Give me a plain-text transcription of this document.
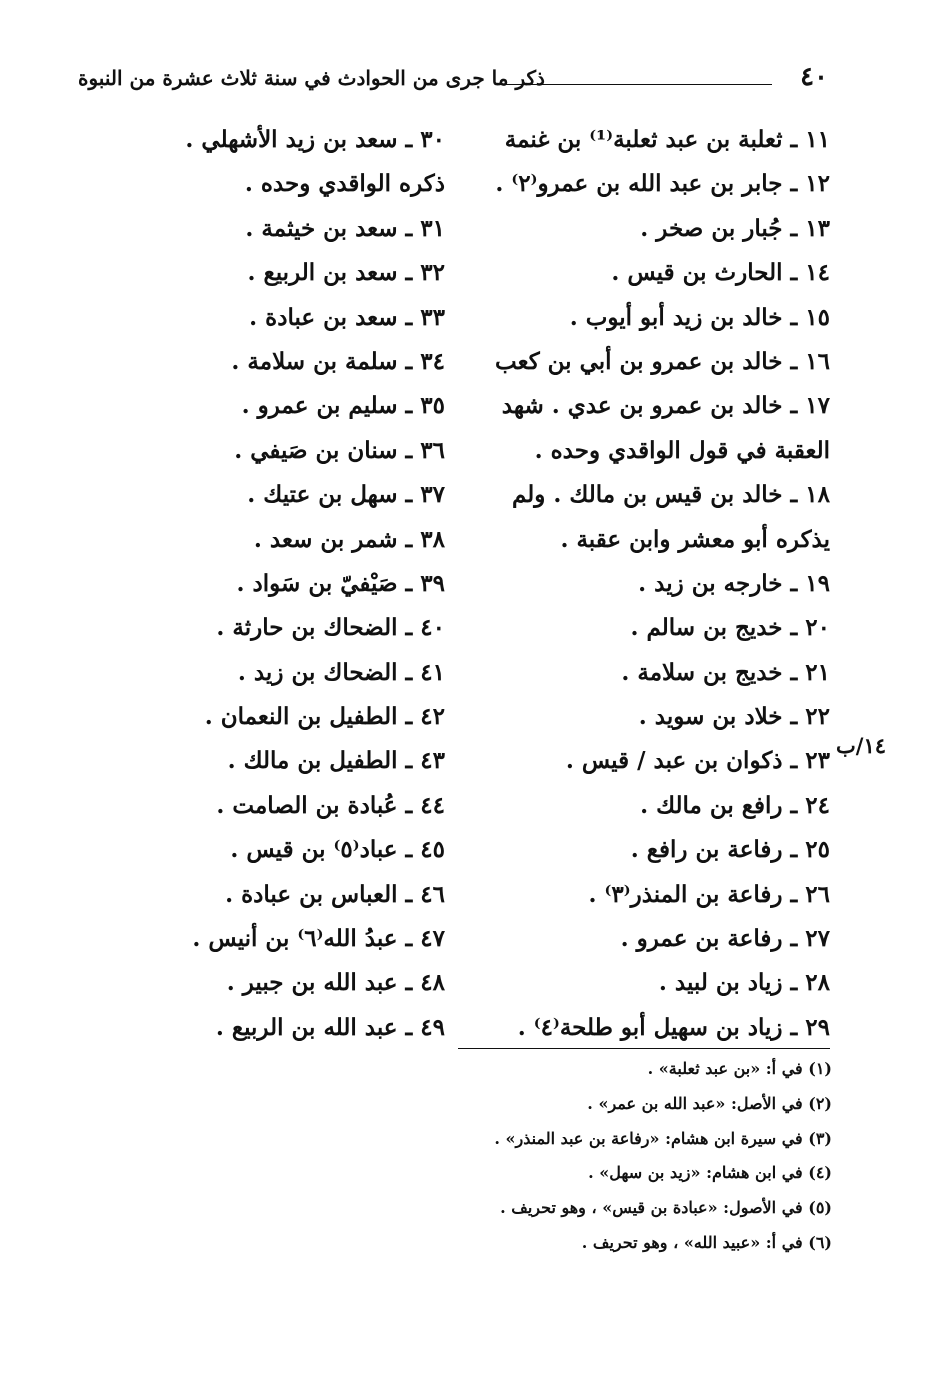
٤٠
ذكر ما جرى من الحوادث في سنة ثلاث عشرة من النبوة
١١ ـ ثعلبة بن عبد ثعلبة⁽¹⁾ بن غنمة
١٢ ـ جابر بن عبد الله بن عمرو⁽٢⁾ .
١٣ ـ جُبار بن صخر .
١٤ ـ الحارث بن قيس .
١٥ ـ خالد بن زيد أبو أيوب .
١٦ ـ خالد بن عمرو بن أبي بن كعب
١٧ ـ خالد بن عمرو بن عدي . شهد
العقبة في قول الواقدي وحده .
١٨ ـ خالد بن قيس بن مالك . ولم
يذكره أبو معشر وابن عقبة .
١٩ ـ خارجه بن زيد .
٢٠ ـ خديج بن سالم .
٢١ ـ خديج بن سلامة .
٢٢ ـ خلاد بن سويد .
٢٣ ـ ذكوان بن عبد / قيس .
٢٤ ـ رافع بن مالك .
٢٥ ـ رفاعة بن رافع .
٢٦ ـ رفاعة بن المنذر⁽٣⁾ .
٢٧ ـ رفاعة بن عمرو .
٢٨ ـ زياد بن لبيد .
٢٩ ـ زياد بن سهيل أبو طلحة⁽٤⁾ .
٣٠ ـ سعد بن زيد الأشهلي .
ذكره الواقدي وحده .
٣١ ـ سعد بن خيثمة .
٣٢ ـ سعد بن الربيع .
٣٣ ـ سعد بن عبادة .
٣٤ ـ سلمة بن سلامة .
٣٥ ـ سليم بن عمرو .
٣٦ ـ سنان بن صَيفي .
٣٧ ـ سهل بن عتيك .
٣٨ ـ شمر بن سعد .
٣٩ ـ صَيْفيّ بن سَواد .
٤٠ ـ الضحاك بن حارثة .
٤١ ـ الضحاك بن زيد .
٤٢ ـ الطفيل بن النعمان .
٤٣ ـ الطفيل بن مالك .
٤٤ ـ عُبادة بن الصامت .
٤٥ ـ عباد⁽٥⁾ بن قيس .
٤٦ ـ العباس بن عبادة .
٤٧ ـ عبدُ الله⁽٦⁾ بن أنيس .
٤٨ ـ عبد الله بن جبير .
٤٩ ـ عبد الله بن الربيع .
١٤/ب
(١) في أ: «بن عبد ثعلبة» .
(٢) في الأصل: «عبد الله بن عمر» .
(٣) في سيرة ابن هشام: «رفاعة بن عبد المنذر» .
(٤) في ابن هشام: «زيد بن سهل» .
(٥) في الأصول: «عبادة بن قيس» ، وهو تحريف .
(٦) في أ: «عبيد الله» ، وهو تحريف .
